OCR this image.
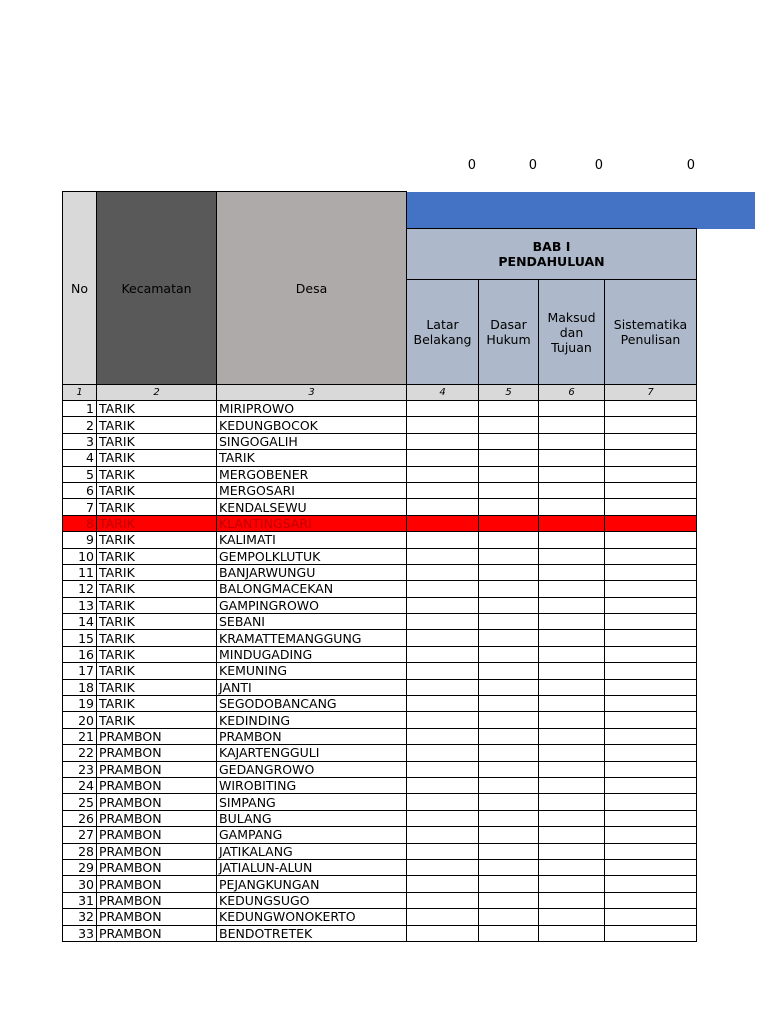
0	0	0	0
No	Kecamatan	Desa				

			BAB I
PENDAHULUAN			

			Latar Belakang	Dasar Hukum	Maksud dan Tujuan	Sistematika Penulisan
1	2	3	4	5	6	7
1	TARIK	MIRIPROWO				
2	TARIK	KEDUNGBOCOK				
3	TARIK	SINGOGALIH				
4	TARIK	TARIK				
5	TARIK	MERGOBENER				
6	TARIK	MERGOSARI				
7	TARIK	KENDALSEWU				
8	TARIK	KLANTINGSARI				
9	TARIK	KALIMATI				
10	TARIK	GEMPOLKLUTUK				
11	TARIK	BANJARWUNGU				
12	TARIK	BALONGMACEKAN				
13	TARIK	GAMPINGROWO				
14	TARIK	SEBANI				
15	TARIK	KRAMATTEMANGGUNG				
16	TARIK	MINDUGADING				
17	TARIK	KEMUNING				
18	TARIK	JANTI				
19	TARIK	SEGODOBANCANG				
20	TARIK	KEDINDING				
21	PRAMBON	PRAMBON				
22	PRAMBON	KAJARTENGGULI				
23	PRAMBON	GEDANGROWO				
24	PRAMBON	WIROBITING				
25	PRAMBON	SIMPANG				
26	PRAMBON	BULANG				
27	PRAMBON	GAMPANG				
28	PRAMBON	JATIKALANG				
29	PRAMBON	JATIALUN-ALUN				
30	PRAMBON	PEJANGKUNGAN				
31	PRAMBON	KEDUNGSUGO				
32	PRAMBON	KEDUNGWONOKERTO				
33	PRAMBON	BENDOTRETEK				
